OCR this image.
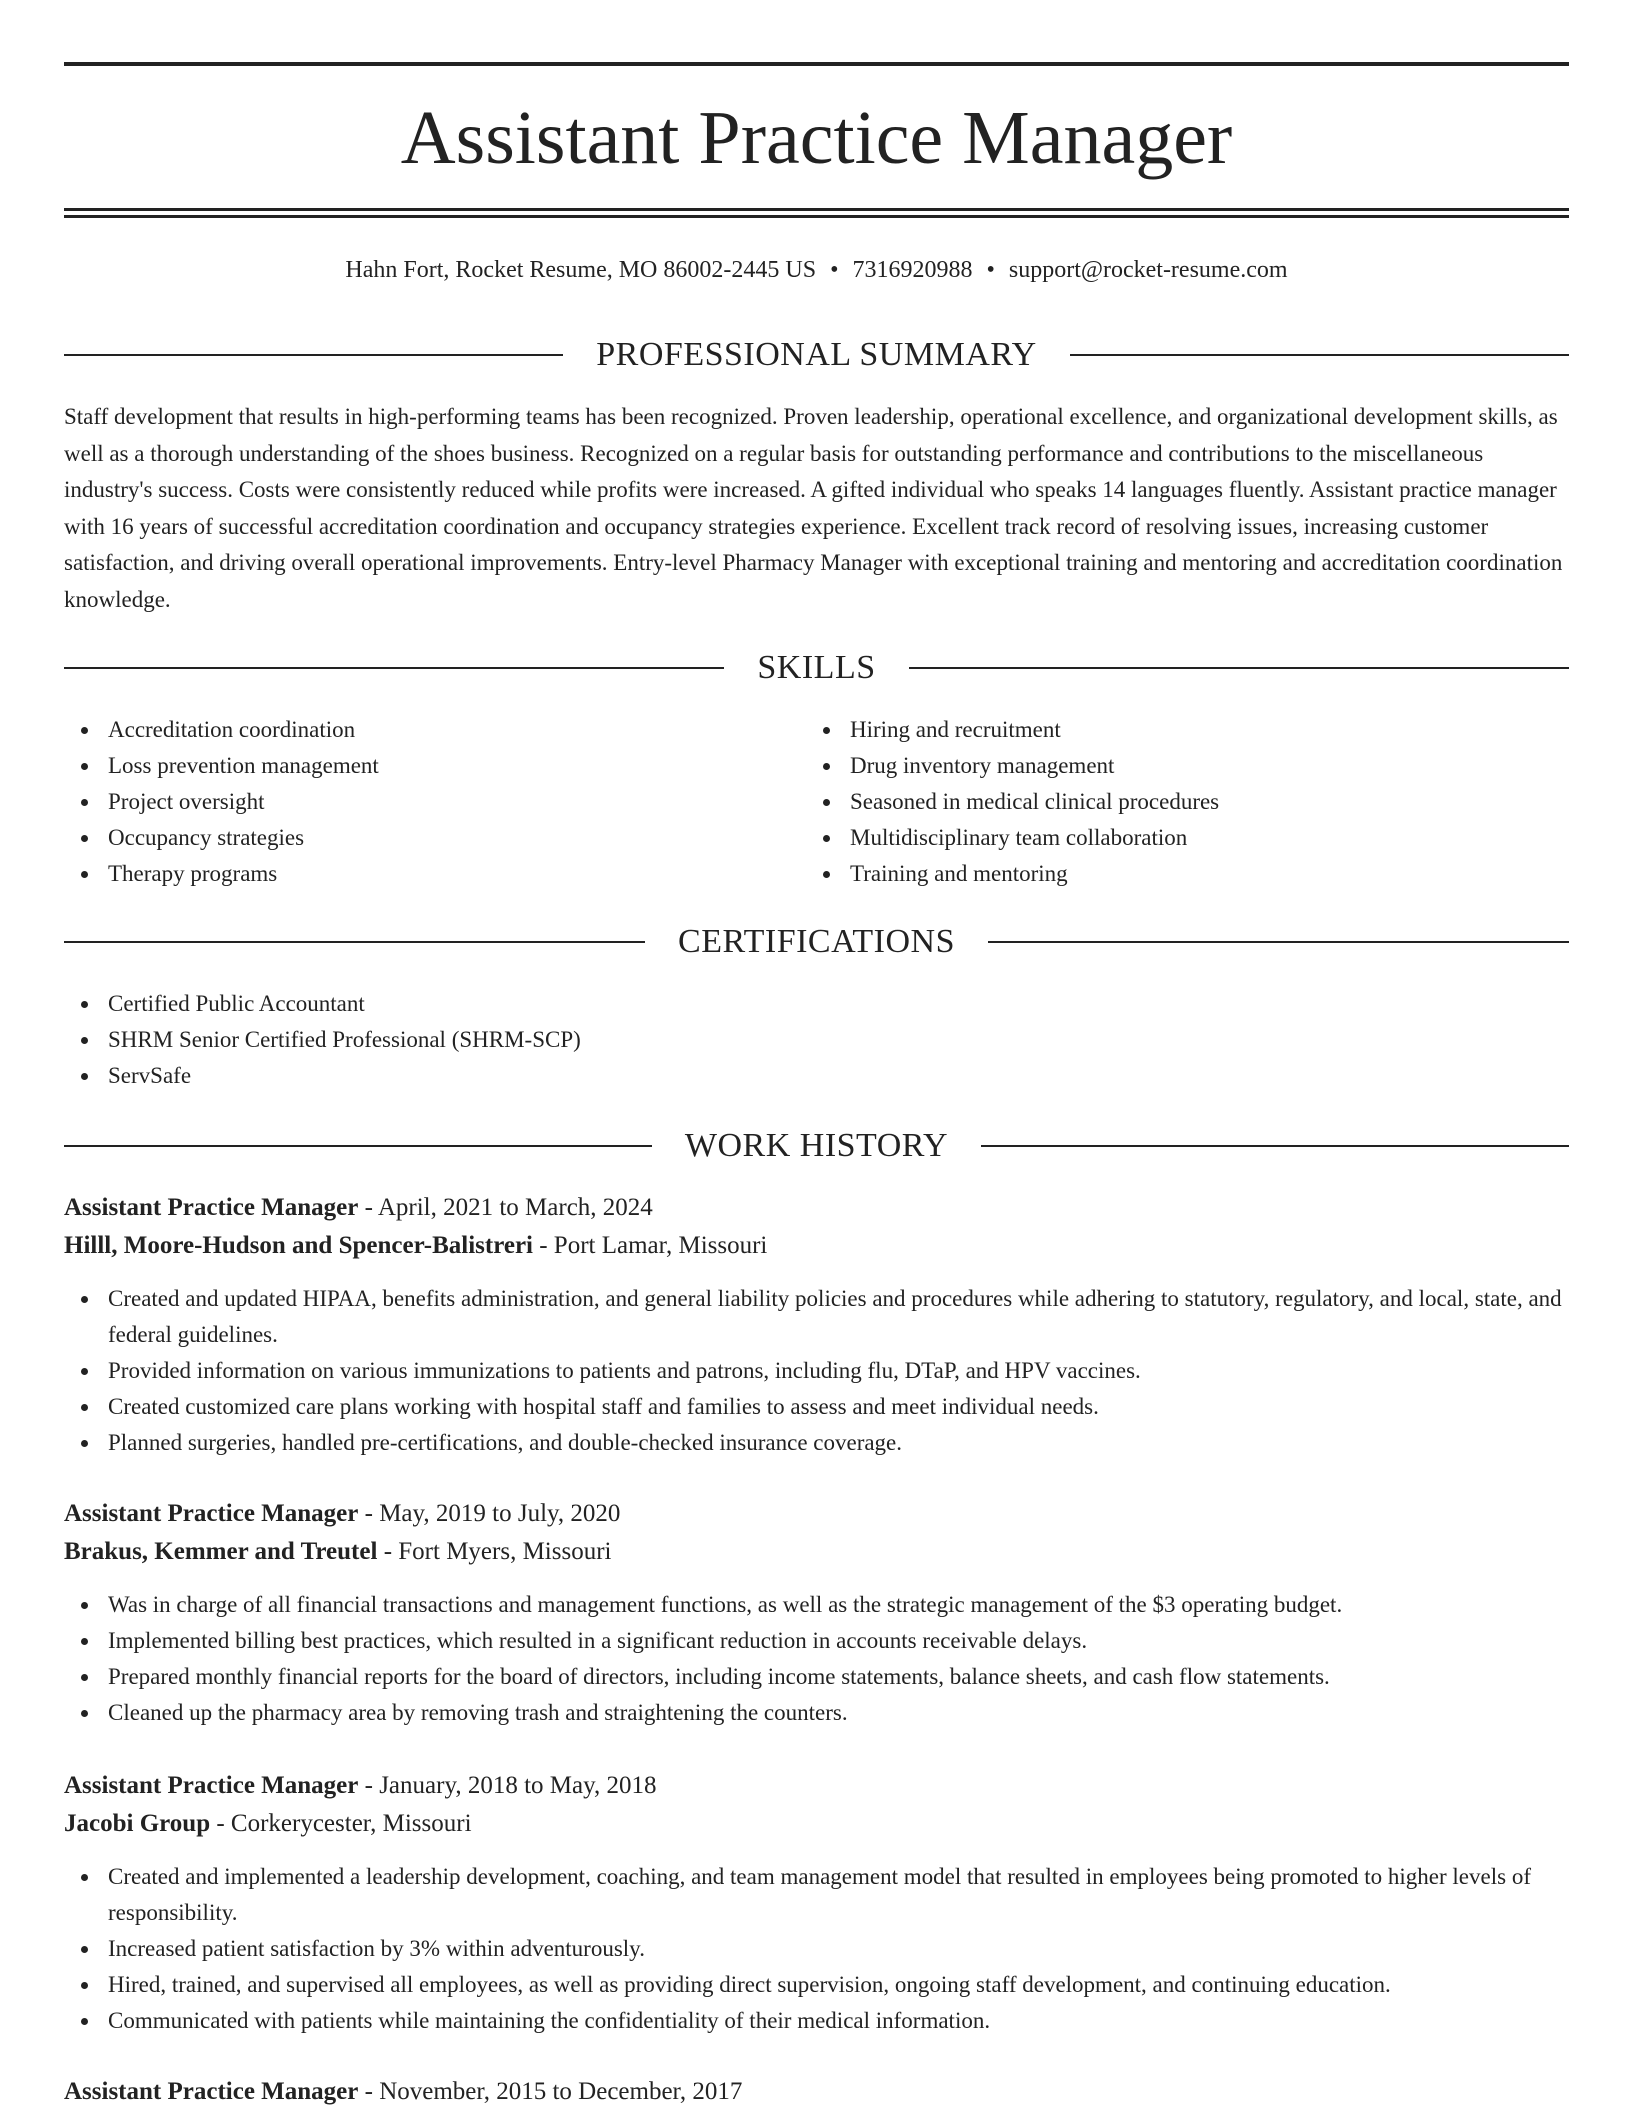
Assistant Practice Manager
Hahn Fort, Rocket Resume, MO 86002-2445 US • 7316920988 • support@rocket-resume.com
PROFESSIONAL SUMMARY

Staff development that results in high-performing teams has been recognized. Proven leadership, operational excellence, and organizational development skills, as well as a thorough understanding of the shoes business. Recognized on a regular basis for outstanding performance and contributions to the miscellaneous industry's success. Costs were consistently reduced while profits were increased. A gifted individual who speaks 14 languages fluently. Assistant practice manager with 16 years of successful accreditation coordination and occupancy strategies experience. Excellent track record of resolving issues, increasing customer satisfaction, and driving overall operational improvements. Entry-level Pharmacy Manager with exceptional training and mentoring and accreditation coordination knowledge.

SKILLS
Accreditation coordination
Loss prevention management
Project oversight
Occupancy strategies
Therapy programs
Hiring and recruitment
Drug inventory management
Seasoned in medical clinical procedures
Multidisciplinary team collaboration
Training and mentoring
CERTIFICATIONS
Certified Public Accountant
SHRM Senior Certified Professional (SHRM-SCP)
ServSafe
WORK HISTORY
Assistant Practice Manager - April, 2021 to March, 2024
Hilll, Moore-Hudson and Spencer-Balistreri - Port Lamar, Missouri
Created and updated HIPAA, benefits administration, and general liability policies and procedures while adhering to statutory, regulatory, and local, state, and federal guidelines.
Provided information on various immunizations to patients and patrons, including flu, DTaP, and HPV vaccines.
Created customized care plans working with hospital staff and families to assess and meet individual needs.
Planned surgeries, handled pre-certifications, and double-checked insurance coverage.
Assistant Practice Manager - May, 2019 to July, 2020
Brakus, Kemmer and Treutel - Fort Myers, Missouri
Was in charge of all financial transactions and management functions, as well as the strategic management of the $3 operating budget.
Implemented billing best practices, which resulted in a significant reduction in accounts receivable delays.
Prepared monthly financial reports for the board of directors, including income statements, balance sheets, and cash flow statements.
Cleaned up the pharmacy area by removing trash and straightening the counters.
Assistant Practice Manager - January, 2018 to May, 2018
Jacobi Group - Corkerycester, Missouri
Created and implemented a leadership development, coaching, and team management model that resulted in employees being promoted to higher levels of responsibility.
Increased patient satisfaction by 3% within adventurously.
Hired, trained, and supervised all employees, as well as providing direct supervision, ongoing staff development, and continuing education.
Communicated with patients while maintaining the confidentiality of their medical information.
Assistant Practice Manager - November, 2015 to December, 2017
